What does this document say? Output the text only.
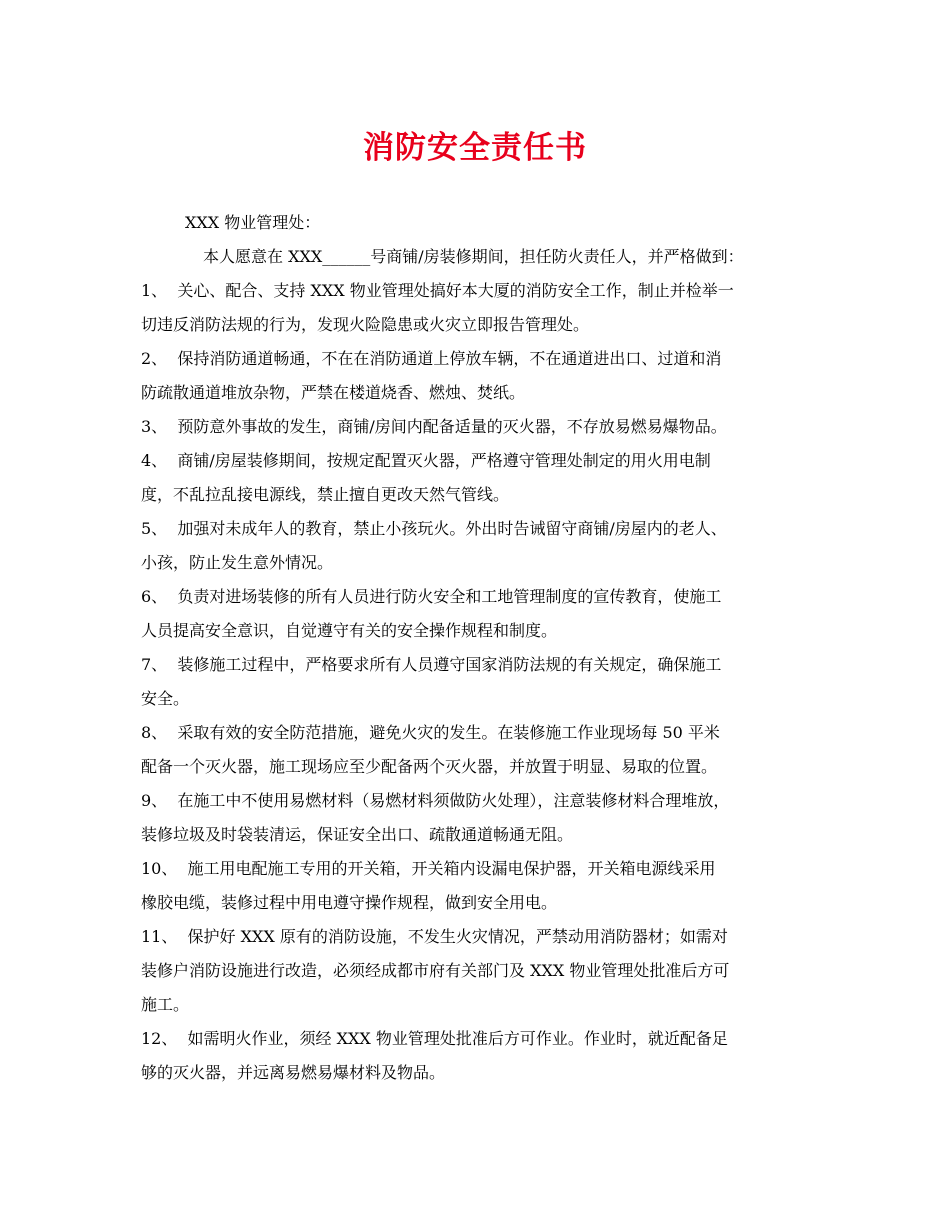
消防安全责任书
XXX 物业管理处：
本人愿意在 XXX______号商铺/房装修期间，担任防火责任人，并严格做到：
1、  关心、配合、支持 XXX 物业管理处搞好本大厦的消防安全工作，制止并检举一
切违反消防法规的行为，发现火险隐患或火灾立即报告管理处。
2、  保持消防通道畅通，不在在消防通道上停放车辆，不在通道进出口、过道和消
防疏散通道堆放杂物，严禁在楼道烧香、燃烛、焚纸。
3、  预防意外事故的发生，商铺/房间内配备适量的灭火器，不存放易燃易爆物品。
4、  商铺/房屋装修期间，按规定配置灭火器，严格遵守管理处制定的用火用电制
度，不乱拉乱接电源线，禁止擅自更改天然气管线。
5、  加强对未成年人的教育，禁止小孩玩火。外出时告诫留守商铺/房屋内的老人、
小孩，防止发生意外情况。
6、  负责对进场装修的所有人员进行防火安全和工地管理制度的宣传教育，使施工
人员提高安全意识，自觉遵守有关的安全操作规程和制度。
7、  装修施工过程中，严格要求所有人员遵守国家消防法规的有关规定，确保施工
安全。
8、  采取有效的安全防范措施，避免火灾的发生。在装修施工作业现场每 50 平米
配备一个灭火器，施工现场应至少配备两个灭火器，并放置于明显、易取的位置。
9、  在施工中不使用易燃材料（易燃材料须做防火处理），注意装修材料合理堆放，
装修垃圾及时袋装清运，保证安全出口、疏散通道畅通无阻。
10、  施工用电配施工专用的开关箱，开关箱内设漏电保护器，开关箱电源线采用
橡胶电缆，装修过程中用电遵守操作规程，做到安全用电。
11、  保护好 XXX 原有的消防设施，不发生火灾情况，严禁动用消防器材；如需对
装修户消防设施进行改造，必须经成都市府有关部门及 XXX 物业管理处批准后方可
施工。
12、  如需明火作业，须经 XXX 物业管理处批准后方可作业。作业时，就近配备足
够的灭火器，并远离易燃易爆材料及物品。
